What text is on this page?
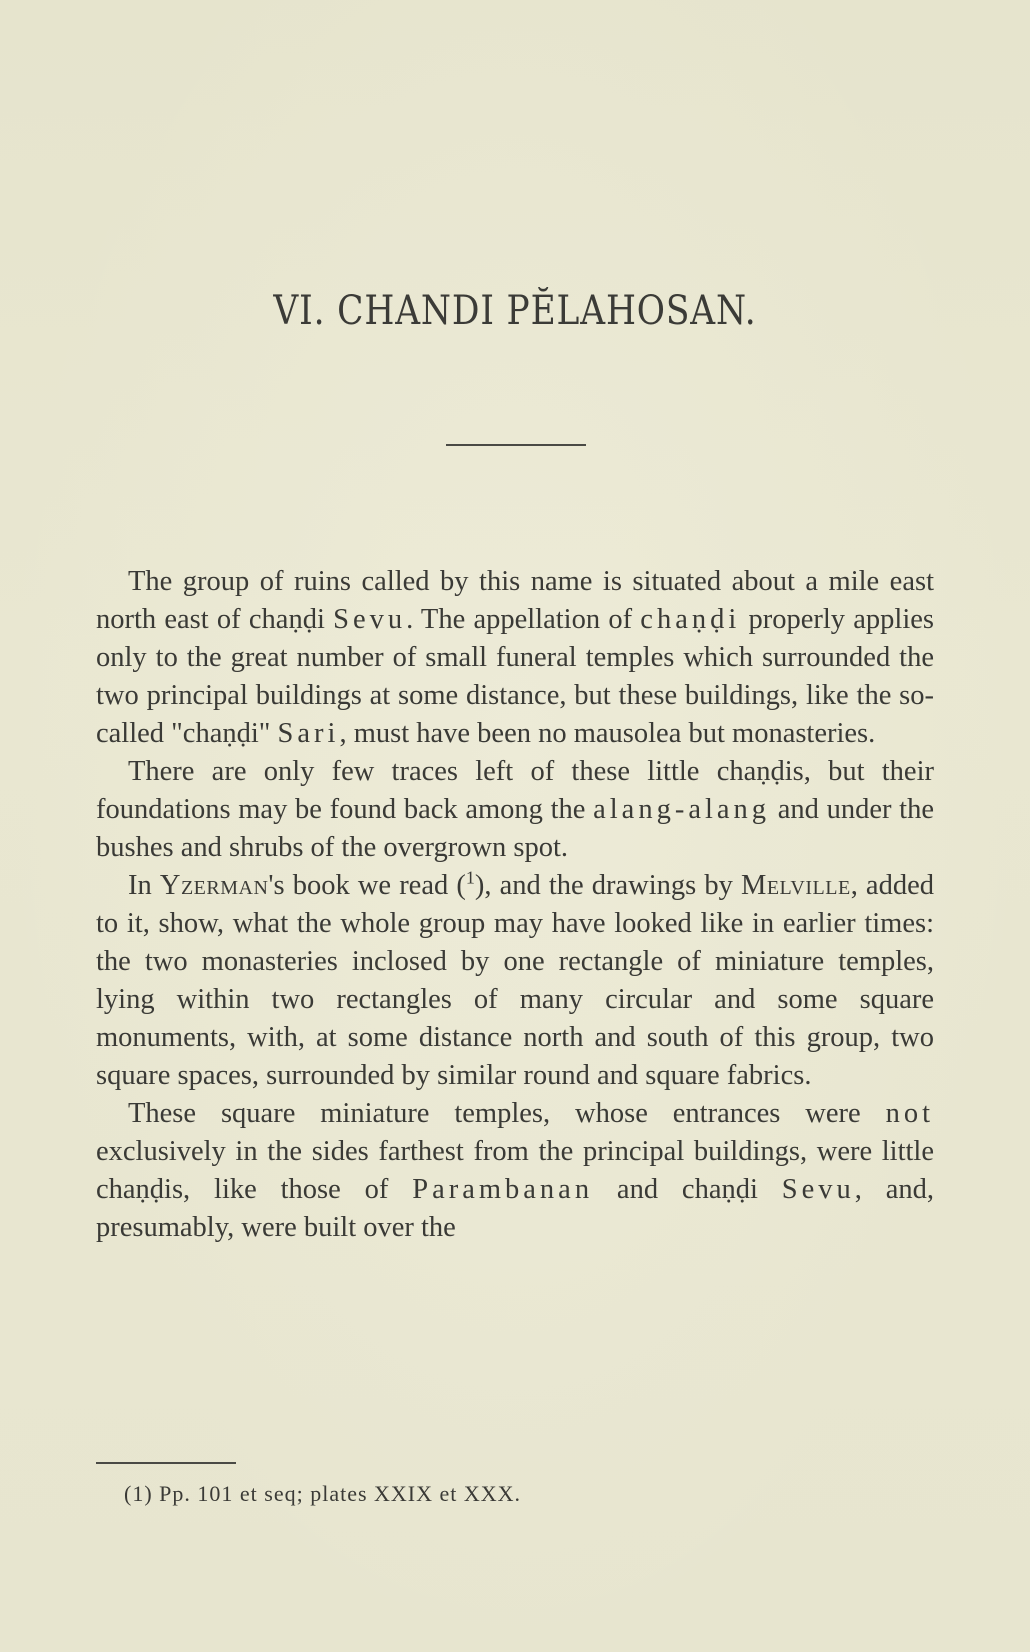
VI. CHANDI PĔLAHOSAN.

The group of ruins called by this name is situated about a mile east north east of chaṇḍi Sevu. The appellation of chaṇḍi properly applies only to the great number of small funeral temples which surrounded the two principal buildings at some distance, but these buildings, like the so-called "chaṇḍi" Sari, must have been no mausolea but monasteries.

There are only few traces left of these little chaṇḍis, but their foundations may be found back among the alang-alang and under the bushes and shrubs of the overgrown spot.

In Yzerman's book we read ($^1$), and the drawings by Melville, added to it, show, what the whole group may have looked like in earlier times: the two monasteries inclosed by one rectangle of miniature temples, lying within two rectangles of many circular and some square monuments, with, at some distance north and south of this group, two square spaces, surrounded by similar round and square fabrics.

These square miniature temples, whose entrances were not exclusively in the sides farthest from the principal buildings, were little chaṇḍis, like those of Parambanan and chaṇḍi Sevu, and, presumably, were built over the

(1) Pp. 101 et seq; plates XXIX et XXX.
